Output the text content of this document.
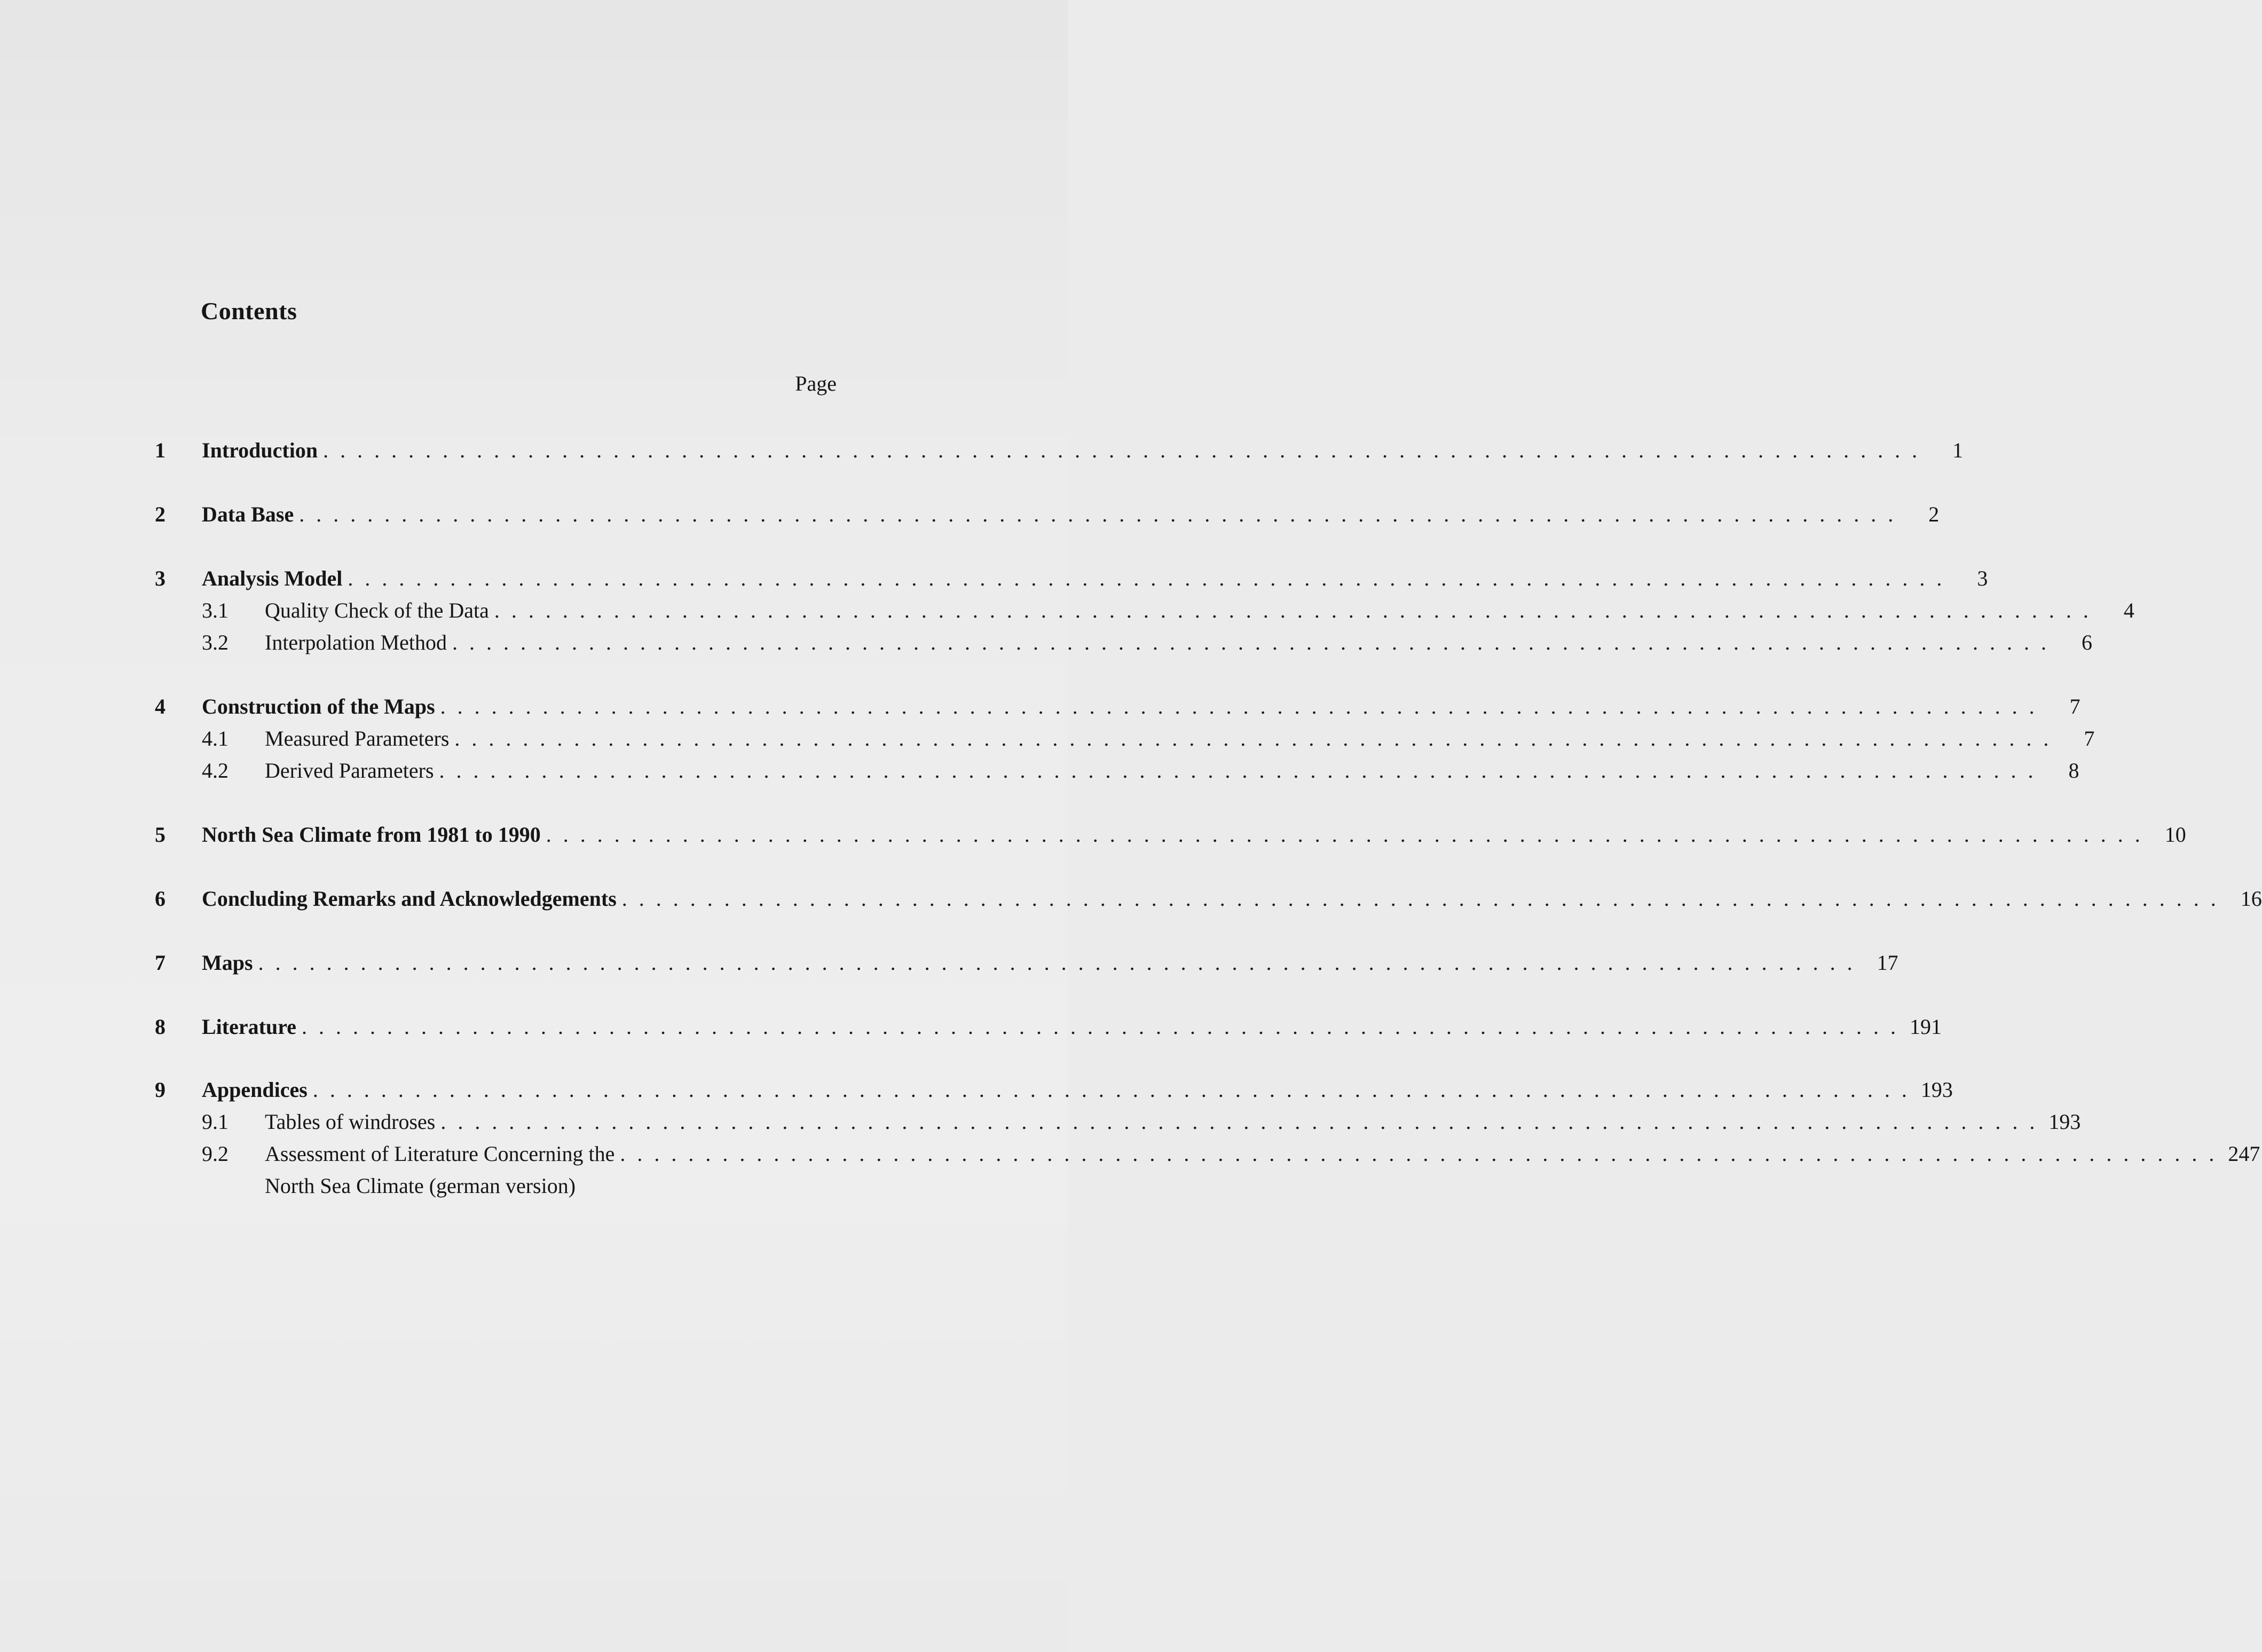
Contents
Page
1 Introduction . . . . . . . . . . . . . . . . . . . . . . . . . . . . . . . . . . . . . . . . . . . . . . . . . . . . . . . . . . . . . . . . . . . . . . . . . . . . . . . . . . . . . . . . . . . . . .	1
2 Data Base . . . . . . . . . . . . . . . . . . . . . . . . . . . . . . . . . . . . . . . . . . . . . . . . . . . . . . . . . . . . . . . . . . . . . . . . . . . . . . . . . . . . . . . . . . . . . .	2
3 Analysis Model . . . . . . . . . . . . . . . . . . . . . . . . . . . . . . . . . . . . . . . . . . . . . . . . . . . . . . . . . . . . . . . . . . . . . . . . . . . . . . . . . . . . . . . . . . . . . .	3
3.1	Quality Check of the Data . . . . . . . . . . . . . . . . . . . . . . . . . . . . . . . . . . . . . . . . . . . . . . . . . . . . . . . . . . . . . . . . . . . . . . . . . . . . . . . . . . . . . . . . . . . . . .	4
3.2	Interpolation Method . . . . . . . . . . . . . . . . . . . . . . . . . . . . . . . . . . . . . . . . . . . . . . . . . . . . . . . . . . . . . . . . . . . . . . . . . . . . . . . . . . . . . . . . . . . . . .	6
4 Construction of the Maps . . . . . . . . . . . . . . . . . . . . . . . . . . . . . . . . . . . . . . . . . . . . . . . . . . . . . . . . . . . . . . . . . . . . . . . . . . . . . . . . . . . . . . . . . . . . . .	7
4.1	Measured Parameters . . . . . . . . . . . . . . . . . . . . . . . . . . . . . . . . . . . . . . . . . . . . . . . . . . . . . . . . . . . . . . . . . . . . . . . . . . . . . . . . . . . . . . . . . . . . . .	7
4.2	Derived Parameters . . . . . . . . . . . . . . . . . . . . . . . . . . . . . . . . . . . . . . . . . . . . . . . . . . . . . . . . . . . . . . . . . . . . . . . . . . . . . . . . . . . . . . . . . . . . . .	8
5 North Sea Climate from 1981 to 1990 . . . . . . . . . . . . . . . . . . . . . . . . . . . . . . . . . . . . . . . . . . . . . . . . . . . . . . . . . . . . . . . . . . . . . . . . . . . . . . . . . . . . . . . . . . . . . .	10
6 Concluding Remarks and Acknowledgements . . . . . . . . . . . . . . . . . . . . . . . . . . . . . . . . . . . . . . . . . . . . . . . . . . . . . . . . . . . . . . . . . . . . . . . . . . . . . . . . . . . . . . . . . . . . . .	16
7 Maps . . . . . . . . . . . . . . . . . . . . . . . . . . . . . . . . . . . . . . . . . . . . . . . . . . . . . . . . . . . . . . . . . . . . . . . . . . . . . . . . . . . . . . . . . . . . . .	17
8 Literature . . . . . . . . . . . . . . . . . . . . . . . . . . . . . . . . . . . . . . . . . . . . . . . . . . . . . . . . . . . . . . . . . . . . . . . . . . . . . . . . . . . . . . . . . . . . . . 191
9 Appendices . . . . . . . . . . . . . . . . . . . . . . . . . . . . . . . . . . . . . . . . . . . . . . . . . . . . . . . . . . . . . . . . . . . . . . . . . . . . . . . . . . . . . . . . . . . . . . 193
9.1	Tables of windroses . . . . . . . . . . . . . . . . . . . . . . . . . . . . . . . . . . . . . . . . . . . . . . . . . . . . . . . . . . . . . . . . . . . . . . . . . . . . . . . . . . . . . . . . . . . . . . 193
9.2	Assessment of Literature Concerning the . . . . . . . . . . . . . . . . . . . . . . . . . . . . . . . . . . . . . . . . . . . . . . . . . . . . . . . . . . . . . . . . . . . . . . . . . . . . . . . . . . . . . . . . . . . . . . 247
North Sea Climate (german version)
